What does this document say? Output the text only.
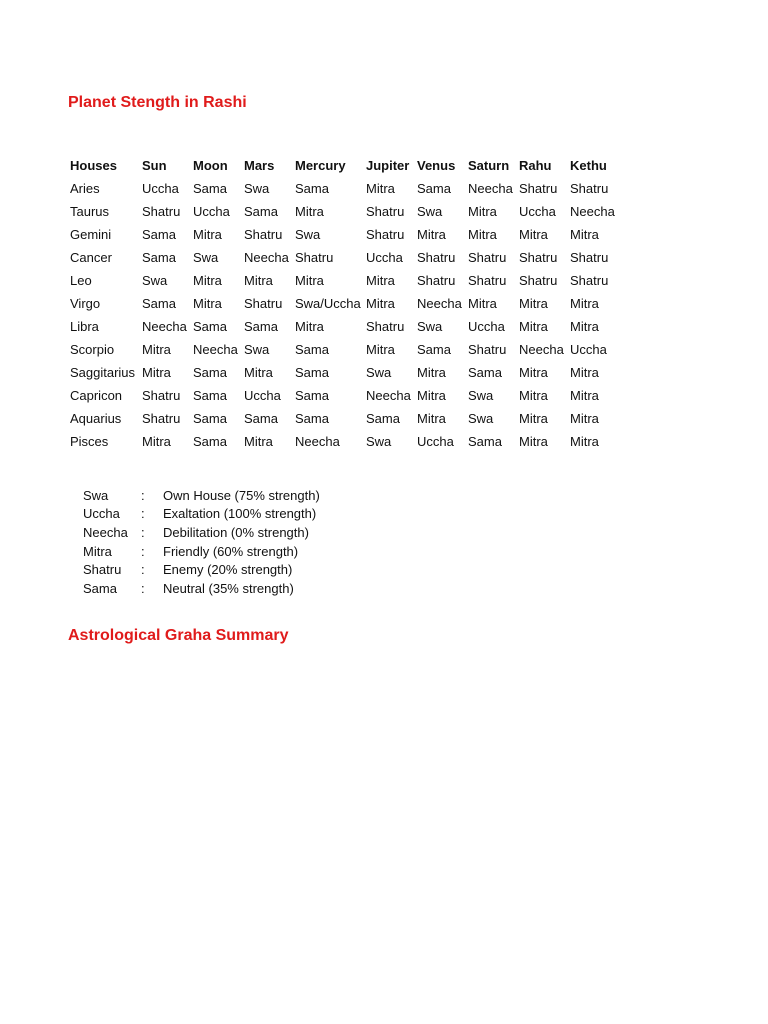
Planet Stength in Rashi
Houses	Sun	Moon	Mars	Mercury	Jupiter	Venus	Saturn	Rahu	Kethu
Aries	Uccha	Sama	Swa	Sama	Mitra	Sama	Neecha	Shatru	Shatru
Taurus	Shatru	Uccha	Sama	Mitra	Shatru	Swa	Mitra	Uccha	Neecha
Gemini	Sama	Mitra	Shatru	Swa	Shatru	Mitra	Mitra	Mitra	Mitra
Cancer	Sama	Swa	Neecha	Shatru	Uccha	Shatru	Shatru	Shatru	Shatru
Leo	Swa	Mitra	Mitra	Mitra	Mitra	Shatru	Shatru	Shatru	Shatru
Virgo	Sama	Mitra	Shatru	Swa/Uccha	Mitra	Neecha	Mitra	Mitra	Mitra
Libra	Neecha	Sama	Sama	Mitra	Shatru	Swa	Uccha	Mitra	Mitra
Scorpio	Mitra	Neecha	Swa	Sama	Mitra	Sama	Shatru	Neecha	Uccha
Saggitarius	Mitra	Sama	Mitra	Sama	Swa	Mitra	Sama	Mitra	Mitra
Capricon	Shatru	Sama	Uccha	Sama	Neecha	Mitra	Swa	Mitra	Mitra
Aquarius	Shatru	Sama	Sama	Sama	Sama	Mitra	Swa	Mitra	Mitra
Pisces	Mitra	Sama	Mitra	Neecha	Swa	Uccha	Sama	Mitra	Mitra
Swa	:	Own House (75% strength)
Uccha	:	Exaltation (100% strength)
Neecha	:	Debilitation (0% strength)
Mitra	:	Friendly (60% strength)
Shatru	:	Enemy (20% strength)
Sama	:	Neutral (35% strength)
Astrological Graha Summary
